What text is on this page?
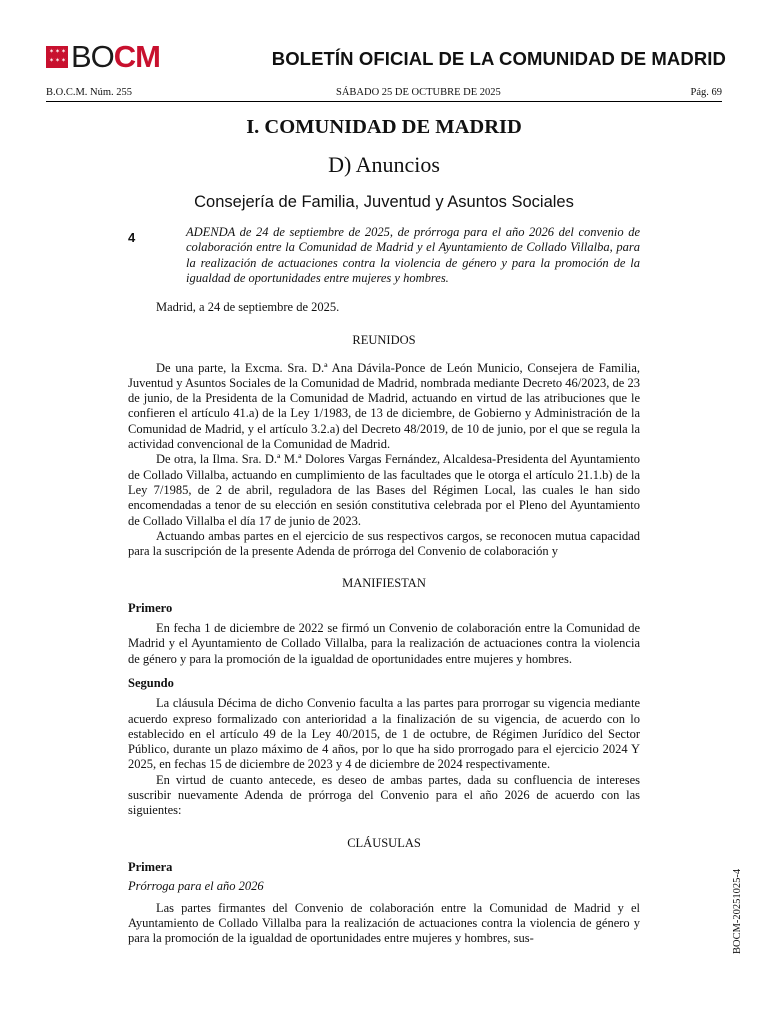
✶ ✶ ✶
✶ ✶ ✶ BOCM	BOLETÍN OFICIAL DE LA COMUNIDAD DE MADRID
B.O.C.M. Núm. 255	SÁBADO 25 DE OCTUBRE DE 2025	Pág. 69
I. COMUNIDAD DE MADRID
D) Anuncios
Consejería de Familia, Juventud y Asuntos Sociales
4	ADENDA de 24 de septiembre de 2025, de prórroga para el año 2026 del convenio de colaboración entre la Comunidad de Madrid y el Ayuntamiento de Collado Villalba, para la realización de actuaciones contra la violencia de género y para la promoción de la igualdad de oportunidades entre mujeres y hombres.

Madrid, a 24 de septiembre de 2025.

REUNIDOS

De una parte, la Excma. Sra. D.ª Ana Dávila-Ponce de León Municio, Consejera de Familia, Juventud y Asuntos Sociales de la Comunidad de Madrid, nombrada mediante Decreto 46/2023, de 23 de junio, de la Presidenta de la Comunidad de Madrid, actuando en virtud de las atribuciones que le confieren el artículo 41.a) de la Ley 1/1983, de 13 de diciembre, de Gobierno y Administración de la Comunidad de Madrid, y el artículo 3.2.a) del Decreto 48/2019, de 10 de junio, por el que se regula la actividad convencional de la Comunidad de Madrid.

De otra, la Ilma. Sra. D.ª M.ª Dolores Vargas Fernández, Alcaldesa-Presidenta del Ayuntamiento de Collado Villalba, actuando en cumplimiento de las facultades que le otorga el artículo 21.1.b) de la Ley 7/1985, de 2 de abril, reguladora de las Bases del Régimen Local, las cuales le han sido encomendadas a tenor de su elección en sesión constitutiva celebrada por el Pleno del Ayuntamiento de Collado Villalba el día 17 de junio de 2023.

Actuando ambas partes en el ejercicio de sus respectivos cargos, se reconocen mutua capacidad para la suscripción de la presente Adenda de prórroga del Convenio de colaboración y

MANIFIESTAN
Primero

En fecha 1 de diciembre de 2022 se firmó un Convenio de colaboración entre la Comunidad de Madrid y el Ayuntamiento de Collado Villalba, para la realización de actuaciones contra la violencia de género y para la promoción de la igualdad de oportunidades entre mujeres y hombres.

Segundo

La cláusula Décima de dicho Convenio faculta a las partes para prorrogar su vigencia mediante acuerdo expreso formalizado con anterioridad a la finalización de su vigencia, de acuerdo con lo establecido en el artículo 49 de la Ley 40/2015, de 1 de octubre, de Régimen Jurídico del Sector Público, durante un plazo máximo de 4 años, por lo que ha sido prorrogado para el ejercicio 2024 Y 2025, en fechas 15 de diciembre de 2023 y 4 de diciembre de 2024 respectivamente.

En virtud de cuanto antecede, es deseo de ambas partes, dada su confluencia de intereses suscribir nuevamente Adenda de prórroga del Convenio para el año 2026 de acuerdo con las siguientes:

CLÁUSULAS
Primera
Prórroga para el año 2026

Las partes firmantes del Convenio de colaboración entre la Comunidad de Madrid y el Ayuntamiento de Collado Villalba para la realización de actuaciones contra la violencia de género y para la promoción de la igualdad de oportunidades entre mujeres y hombres, sus-	BOCM-20251025-4
